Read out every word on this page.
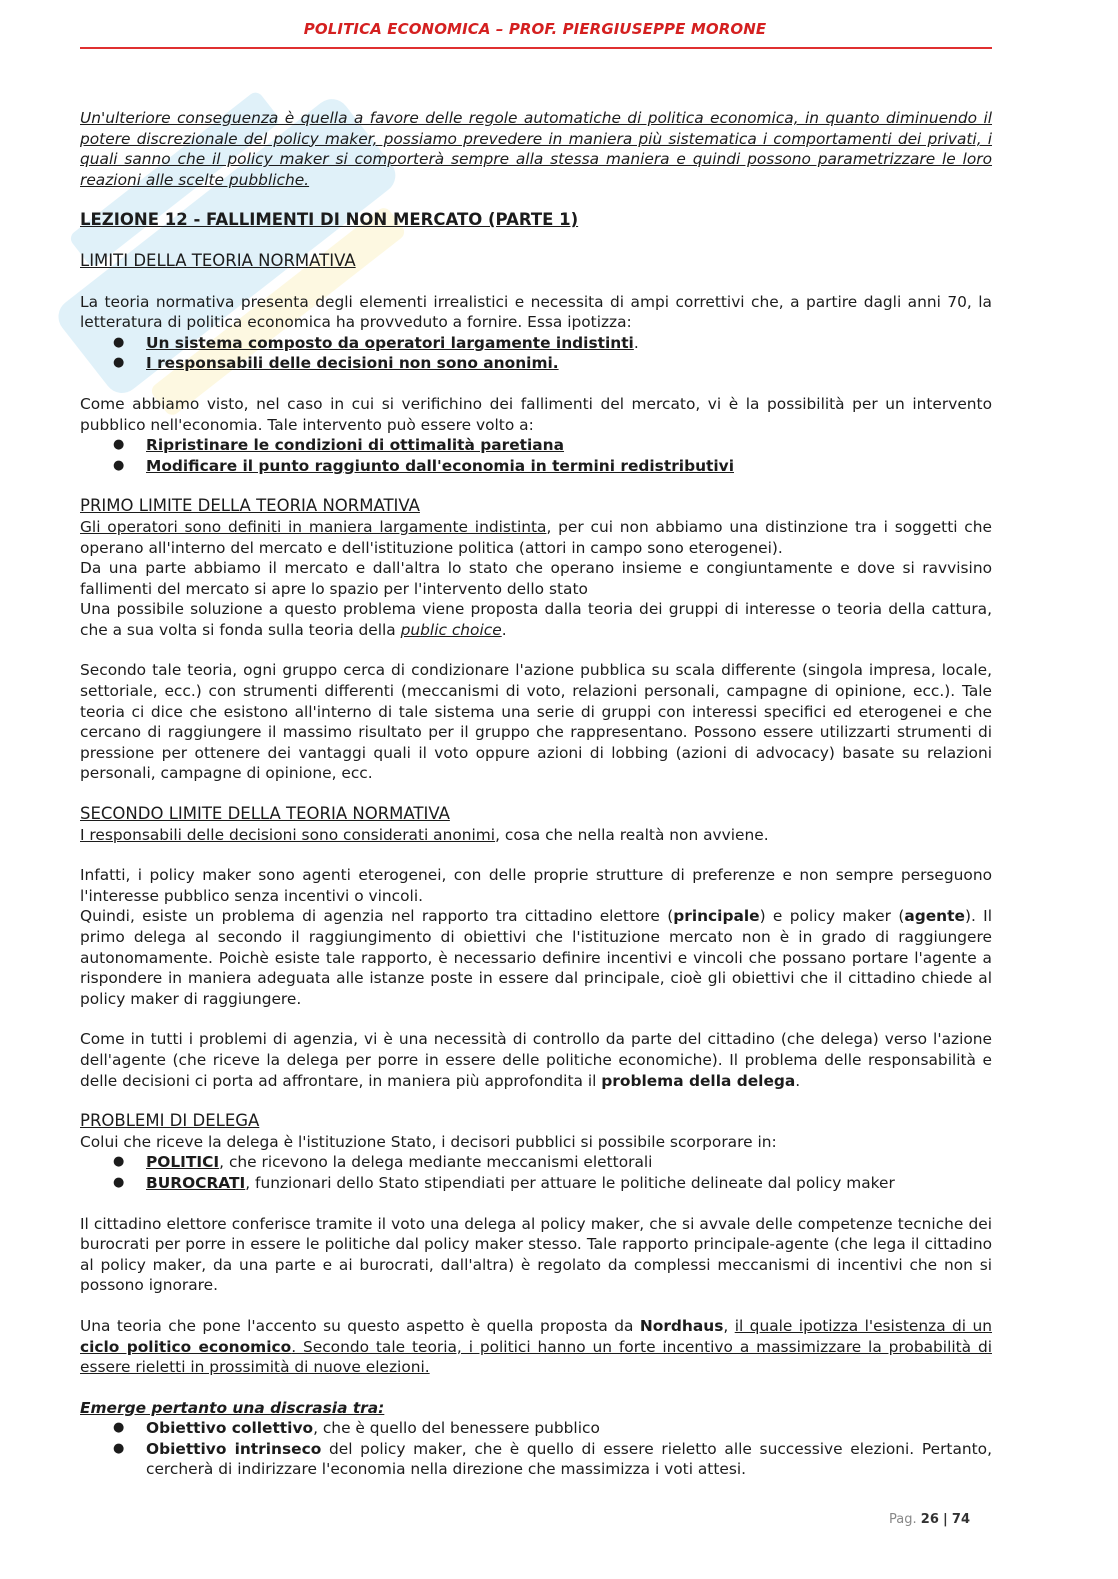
POLITICA ECONOMICA – PROF. PIERGIUSEPPE MORONE

Un'ulteriore conseguenza è quella a favore delle regole automatiche di politica economica, in quanto diminuendo il potere discrezionale del policy maker, possiamo prevedere in maniera più sistematica i comportamenti dei privati, i quali sanno che il policy maker si comporterà sempre alla stessa maniera e quindi possono parametrizzare le loro reazioni alle scelte pubbliche.

LEZIONE 12 - FALLIMENTI DI NON MERCATO (PARTE 1)

LIMITI DELLA TEORIA NORMATIVA

La teoria normativa presenta degli elementi irrealistici e necessita di ampi correttivi che, a partire dagli anni 70, la letteratura di politica economica ha provveduto a fornire. Essa ipotizza:

● Un sistema composto da operatori largamente indistinti.
● I responsabili delle decisioni non sono anonimi.

Come abbiamo visto, nel caso in cui si verifichino dei fallimenti del mercato, vi è la possibilità per un intervento pubblico nell'economia. Tale intervento può essere volto a:

● Ripristinare le condizioni di ottimalità paretiana
● Modificare il punto raggiunto dall'economia in termini redistributivi

PRIMO LIMITE DELLA TEORIA NORMATIVA

Gli operatori sono definiti in maniera largamente indistinta, per cui non abbiamo una distinzione tra i soggetti che operano all'interno del mercato e dell'istituzione politica (attori in campo sono eterogenei).

Da una parte abbiamo il mercato e dall'altra lo stato che operano insieme e congiuntamente e dove si ravvisino fallimenti del mercato si apre lo spazio per l'intervento dello stato

Una possibile soluzione a questo problema viene proposta dalla teoria dei gruppi di interesse o teoria della cattura, che a sua volta si fonda sulla teoria della public choice.

Secondo tale teoria, ogni gruppo cerca di condizionare l'azione pubblica su scala differente (singola impresa, locale, settoriale, ecc.) con strumenti differenti (meccanismi di voto, relazioni personali, campagne di opinione, ecc.). Tale teoria ci dice che esistono all'interno di tale sistema una serie di gruppi con interessi specifici ed eterogenei e che cercano di raggiungere il massimo risultato per il gruppo che rappresentano. Possono essere utilizzarti strumenti di pressione per ottenere dei vantaggi quali il voto oppure azioni di lobbing (azioni di advocacy) basate su relazioni personali, campagne di opinione, ecc.

SECONDO LIMITE DELLA TEORIA NORMATIVA

I responsabili delle decisioni sono considerati anonimi, cosa che nella realtà non avviene.

Infatti, i policy maker sono agenti eterogenei, con delle proprie strutture di preferenze e non sempre perseguono l'interesse pubblico senza incentivi o vincoli.

Quindi, esiste un problema di agenzia nel rapporto tra cittadino elettore (principale) e policy maker (agente). Il primo delega al secondo il raggiungimento di obiettivi che l'istituzione mercato non è in grado di raggiungere autonomamente. Poichè esiste tale rapporto, è necessario definire incentivi e vincoli che possano portare l'agente a rispondere in maniera adeguata alle istanze poste in essere dal principale, cioè gli obiettivi che il cittadino chiede al policy maker di raggiungere.

Come in tutti i problemi di agenzia, vi è una necessità di controllo da parte del cittadino (che delega) verso l'azione dell'agente (che riceve la delega per porre in essere delle politiche economiche). Il problema delle responsabilità e delle decisioni ci porta ad affrontare, in maniera più approfondita il problema della delega.

PROBLEMI DI DELEGA

Colui che riceve la delega è l'istituzione Stato, i decisori pubblici si possibile scorporare in:

● POLITICI, che ricevono la delega mediante meccanismi elettorali
● BUROCRATI, funzionari dello Stato stipendiati per attuare le politiche delineate dal policy maker

Il cittadino elettore conferisce tramite il voto una delega al policy maker, che si avvale delle competenze tecniche dei burocrati per porre in essere le politiche dal policy maker stesso. Tale rapporto principale-agente (che lega il cittadino al policy maker, da una parte e ai burocrati, dall'altra) è regolato da complessi meccanismi di incentivi che non si possono ignorare.

Una teoria che pone l'accento su questo aspetto è quella proposta da Nordhaus, il quale ipotizza l'esistenza di un ciclo politico economico. Secondo tale teoria, i politici hanno un forte incentivo a massimizzare la probabilità di essere rieletti in prossimità di nuove elezioni.

Emerge pertanto una discrasia tra:

● Obiettivo collettivo, che è quello del benessere pubblico
● Obiettivo intrinseco del policy maker, che è quello di essere rieletto alle successive elezioni. Pertanto, cercherà di indirizzare l'economia nella direzione che massimizza i voti attesi.
Pag. 26 | 74
